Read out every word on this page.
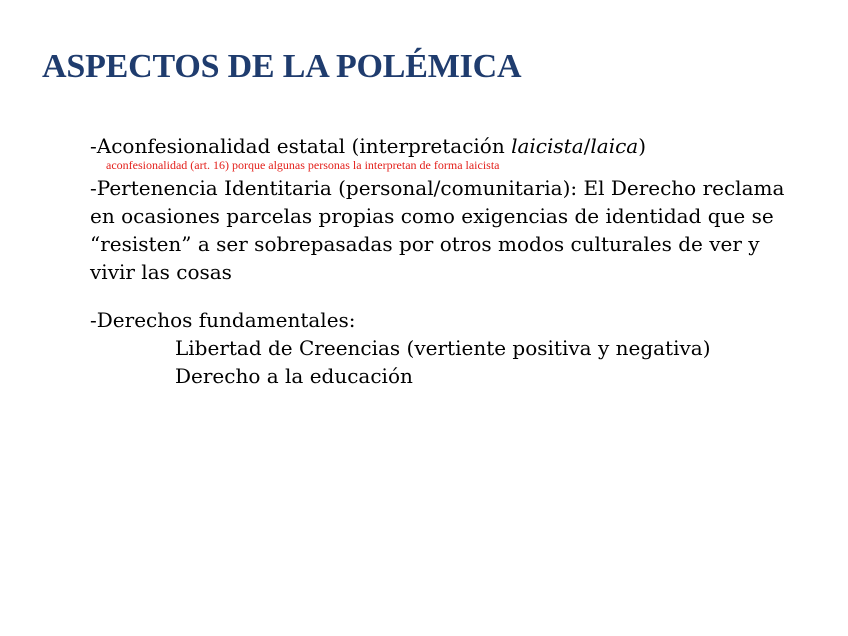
ASPECTOS DE LA POLÉMICA
-Aconfesionalidad estatal (interpretación laicista/laica)
aconfesionalidad (art. 16) porque algunas personas la interpretan de forma laicista
-Pertenencia Identitaria (personal/comunitaria): El Derecho reclama en ocasiones parcelas propias como exigencias de identidad que se “resisten” a ser sobrepasadas por otros modos culturales de ver y vivir las cosas
-Derechos fundamentales:
Libertad de Creencias (vertiente positiva y negativa)
Derecho a la educación
